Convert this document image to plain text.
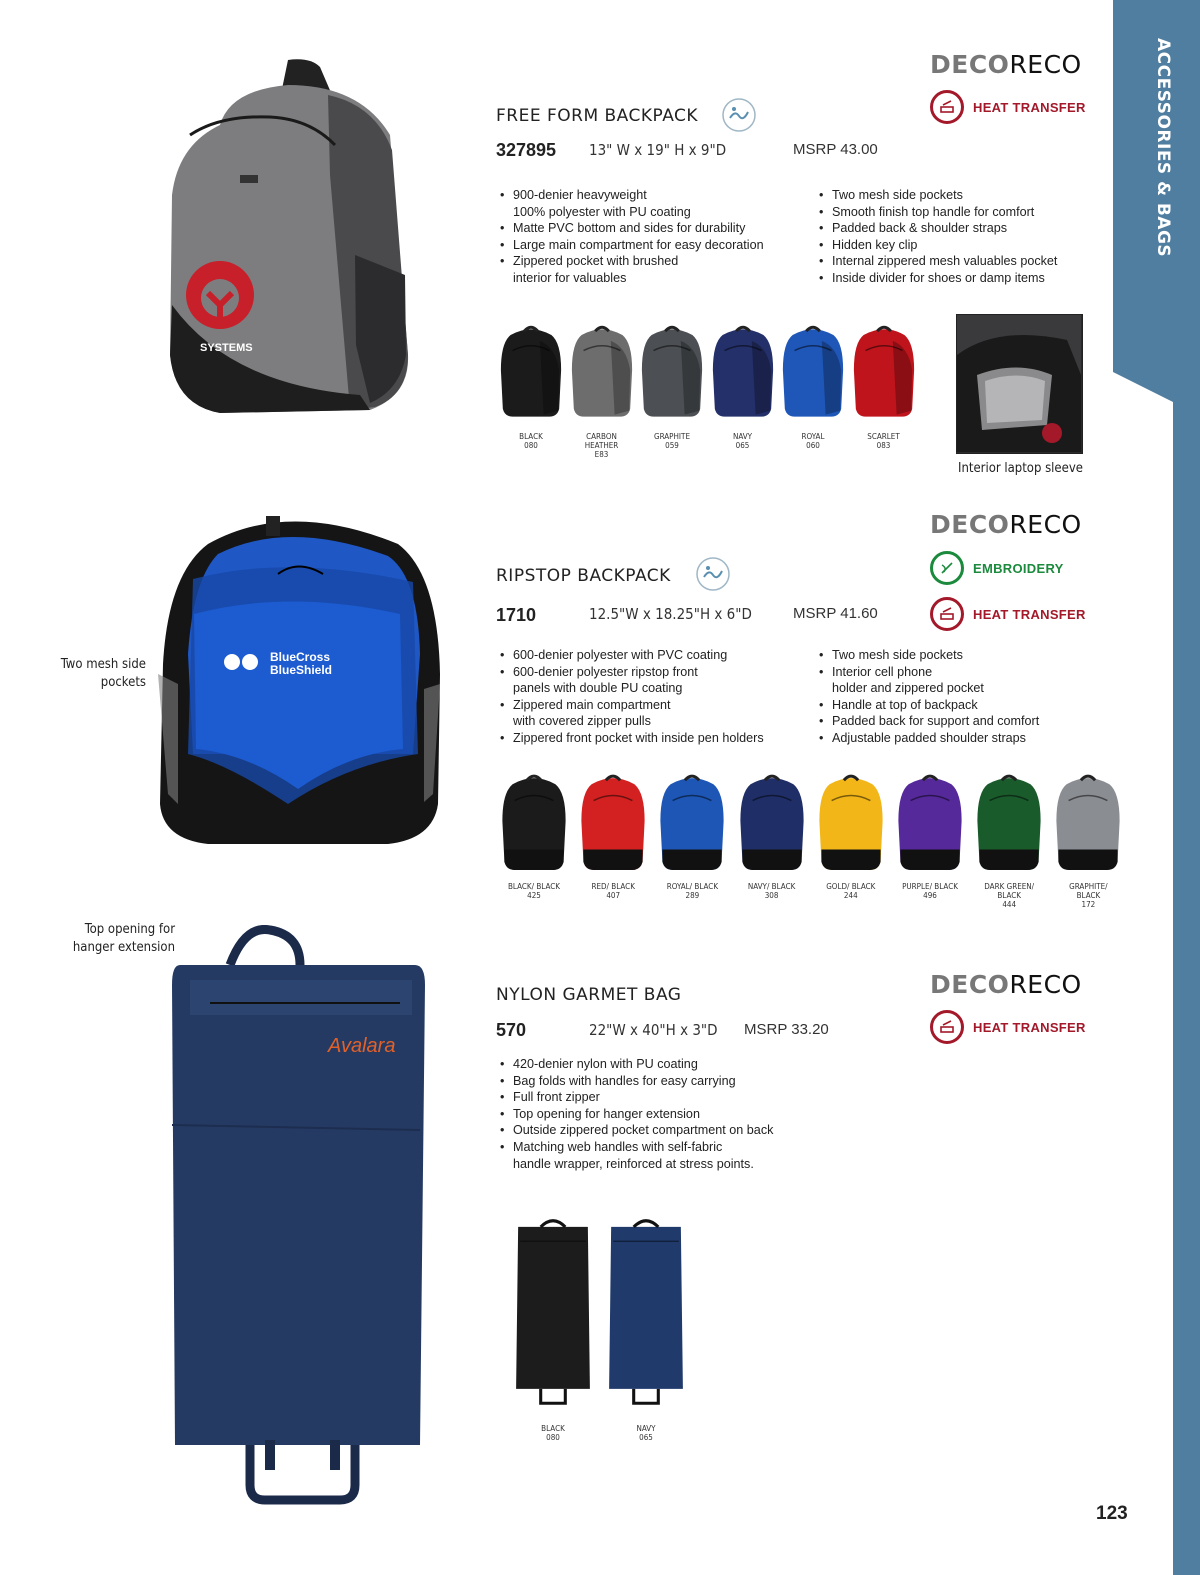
ACCESSORIES & BAGS
SYSTEMS
FREE FORM BACKPACK
327895 13" W x 19" H x 9"D	MSRP 43.00
DECORECO
HEAT TRANSFER
• 900-denier heavyweight
100% polyester with PU coating
• Matte PVC bottom and sides for durability
• Large main compartment for easy decoration
• Zippered pocket with brushed
interior for valuables
• Two mesh side pockets
• Smooth finish top handle for comfort
• Padded back & shoulder straps
• Hidden key clip
• Internal zippered mesh valuables pocket
• Inside divider for shoes or damp items
BLACK
080
CARBON HEATHER
E83
GRAPHITE
059
NAVY
065
ROYAL
060
SCARLET
083
Interior laptop sleeve
Two mesh side pockets
BlueCross
BlueShield
RIPSTOP BACKPACK
1710	12.5"W x 18.25"H x 6"D	MSRP 41.60
DECORECO
EMBROIDERY
HEAT TRANSFER
• 600-denier polyester with PVC coating
• 600-denier polyester ripstop front
panels with double PU coating
• Zippered main compartment
with covered zipper pulls
• Zippered front pocket with inside pen holders
• Two mesh side pockets
• Interior cell phone
holder and zippered pocket
• Handle at top of backpack
• Padded back for support and comfort
• Adjustable padded shoulder straps
BLACK/ BLACK
425
RED/ BLACK
407
ROYAL/ BLACK
289
NAVY/ BLACK
308
GOLD/ BLACK
244
PURPLE/ BLACK
496
DARK GREEN/ BLACK
444
GRAPHITE/ BLACK
172
Top opening for hanger extension
Avalara
NYLON GARMET BAG
570	22"W x 40"H x 3"D MSRP 33.20
DECORECO
HEAT TRANSFER
• 420-denier nylon with PU coating
• Bag folds with handles for easy carrying
• Full front zipper
• Top opening for hanger extension
• Outside zippered pocket compartment on back
• Matching web handles with self-fabric
handle wrapper, reinforced at stress points.
BLACK
080
NAVY
065
123
